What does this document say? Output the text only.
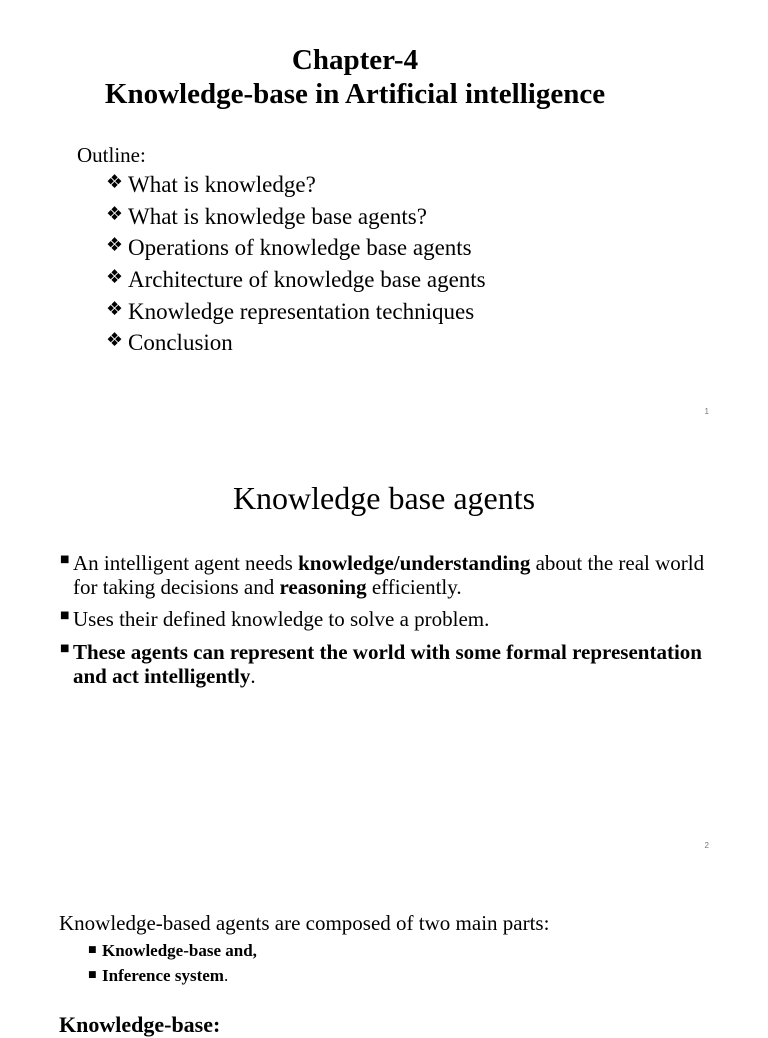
Chapter-4
Knowledge-base in Artificial intelligence
Outline:
❖ What is knowledge?
❖ What is knowledge base agents?
❖ Operations of knowledge base agents
❖ Architecture of knowledge base agents
❖ Knowledge representation techniques
❖ Conclusion
1
Knowledge base agents
■ An intelligent agent needs knowledge/understanding about the real world for taking decisions and reasoning efficiently.
■ Uses their defined knowledge to solve a problem.
■ These agents can represent the world with some formal representation and act intelligently.
2
Knowledge-based agents are composed of two main parts:
■ Knowledge-base and,
■ Inference system.
Knowledge-base:
